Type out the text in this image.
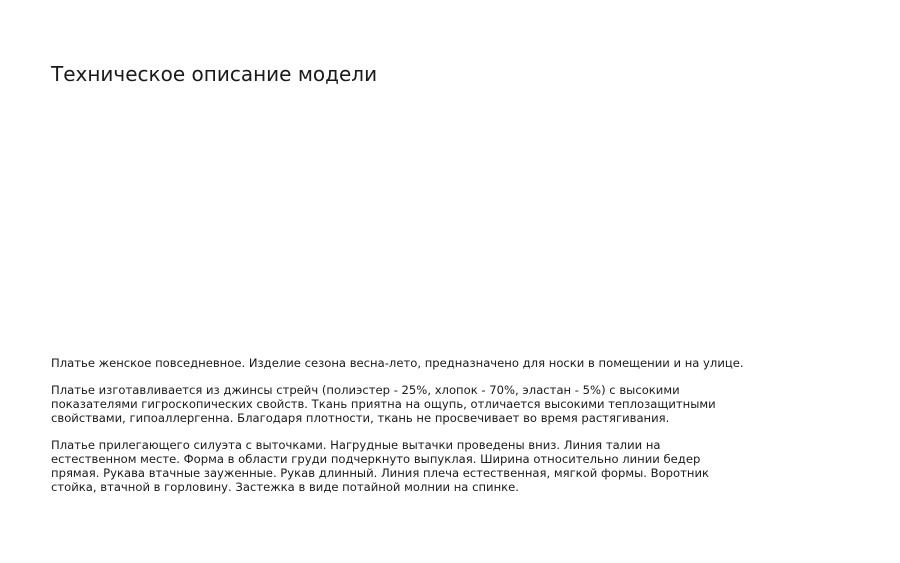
Техническое описание модели

Платье женское повседневное. Изделие сезона весна-лето, предназначено для носки в помещении и на улице.

Платье изготавливается из джинсы стрейч (полиэстер - 25%, хлопок - 70%, эластан - 5%) с высокими
показателями гигроскопических свойств. Ткань приятна на ощупь, отличается высокими теплозащитными
свойствами, гипоаллергенна. Благодаря плотности, ткань не просвечивает во время растягивания.

Платье прилегающего силуэта с выточками. Нагрудные вытачки проведены вниз. Линия талии на
естественном месте. Форма в области груди подчеркнуто выпуклая. Ширина относительно линии бедер
прямая. Рукава втачные зауженные. Рукав длинный. Линия плеча естественная, мягкой формы. Воротник
стойка, втачной в горловину. Застежка в виде потайной молнии на спинке.
